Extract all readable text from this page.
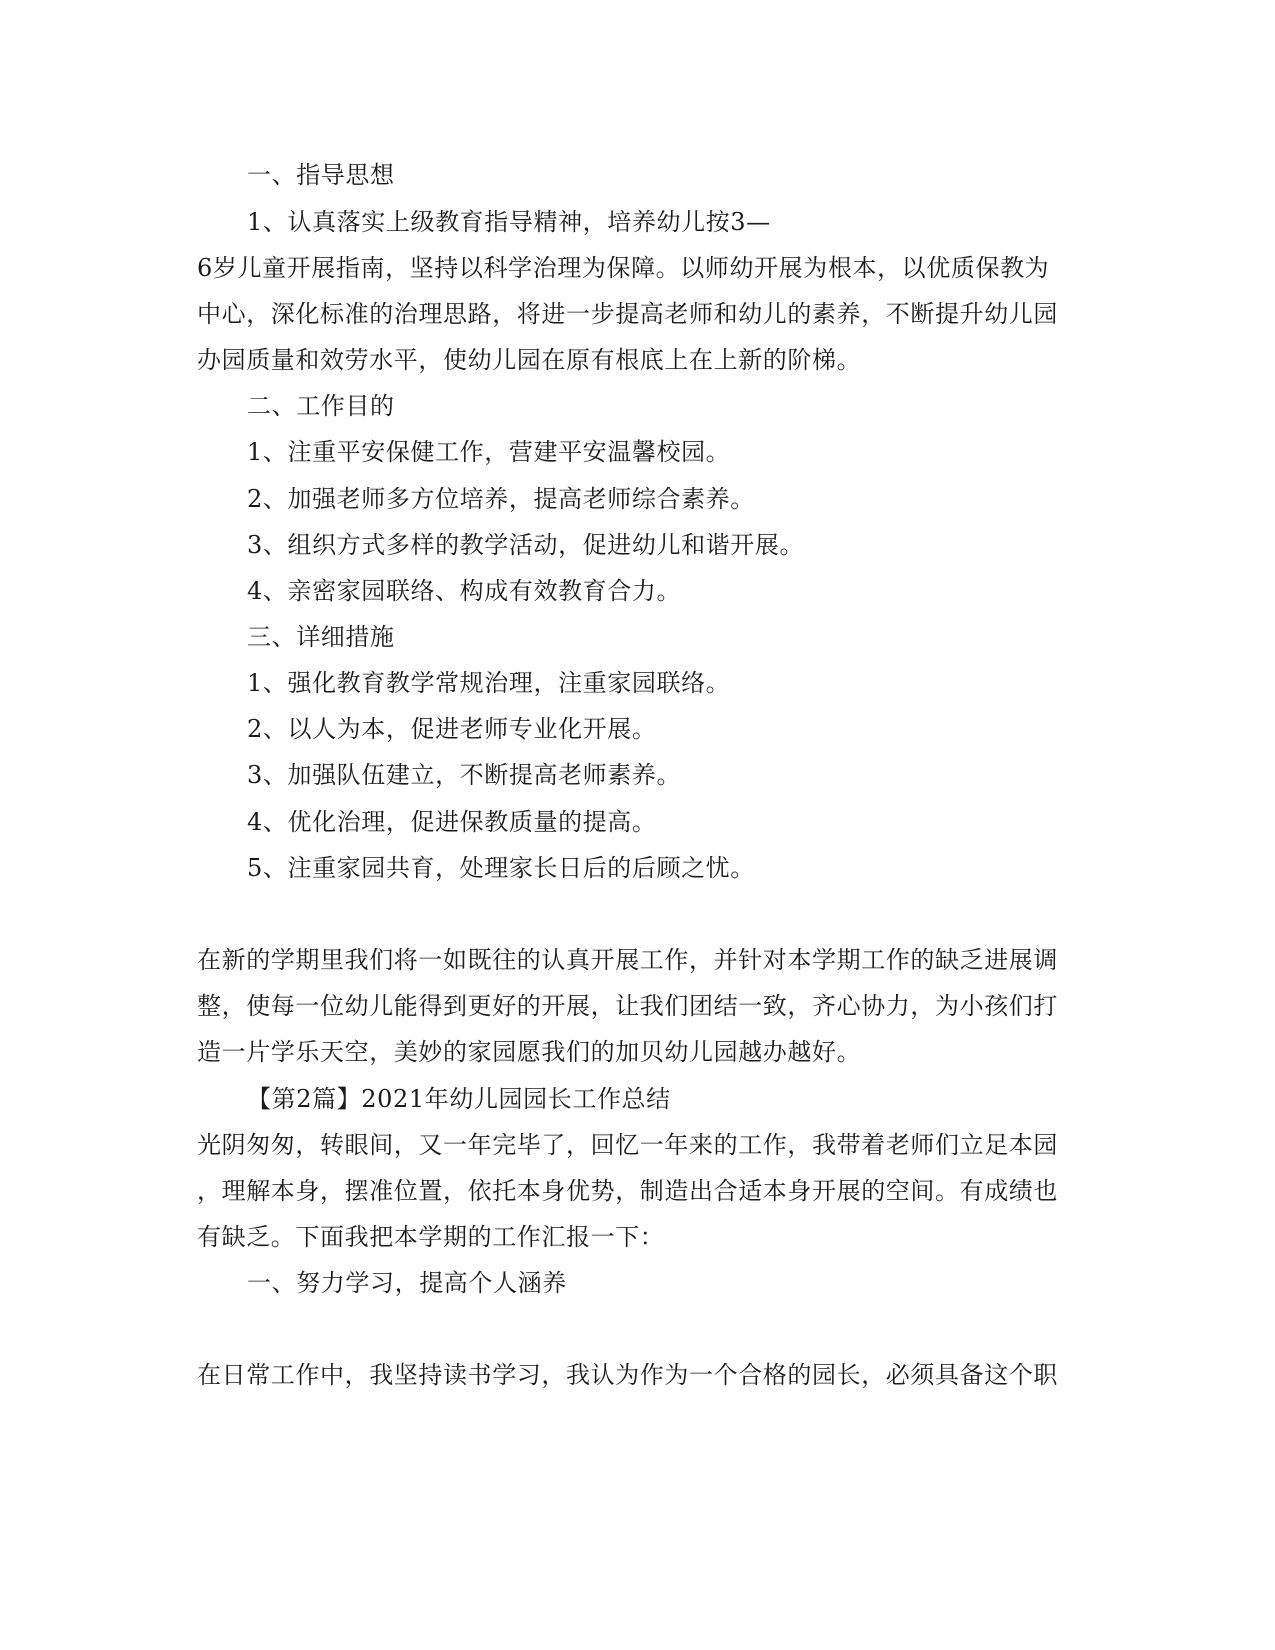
一、指导思想
1、认真落实上级教育指导精神，培养幼儿按3—
6岁儿童开展指南，坚持以科学治理为保障。以师幼开展为根本，以优质保教为
中心，深化标准的治理思路，将进一步提高老师和幼儿的素养，不断提升幼儿园
办园质量和效劳水平，使幼儿园在原有根底上在上新的阶梯。
二、工作目的
1、注重平安保健工作，营建平安温馨校园。
2、加强老师多方位培养，提高老师综合素养。
3、组织方式多样的教学活动，促进幼儿和谐开展。
4、亲密家园联络、构成有效教育合力。
三、详细措施
1、强化教育教学常规治理，注重家园联络。
2、以人为本，促进老师专业化开展。
3、加强队伍建立，不断提高老师素养。
4、优化治理，促进保教质量的提高。
5、注重家园共育，处理家长日后的后顾之忧。
在新的学期里我们将一如既往的认真开展工作，并针对本学期工作的缺乏进展调
整，使每一位幼儿能得到更好的开展，让我们团结一致，齐心协力，为小孩们打
造一片学乐天空，美妙的家园愿我们的加贝幼儿园越办越好。
【第2篇】2021年幼儿园园长工作总结
光阴匆匆，转眼间，又一年完毕了，回忆一年来的工作，我带着老师们立足本园
，理解本身，摆准位置，依托本身优势，制造出合适本身开展的空间。有成绩也
有缺乏。下面我把本学期的工作汇报一下：
一、努力学习，提高个人涵养
在日常工作中，我坚持读书学习，我认为作为一个合格的园长，必须具备这个职
